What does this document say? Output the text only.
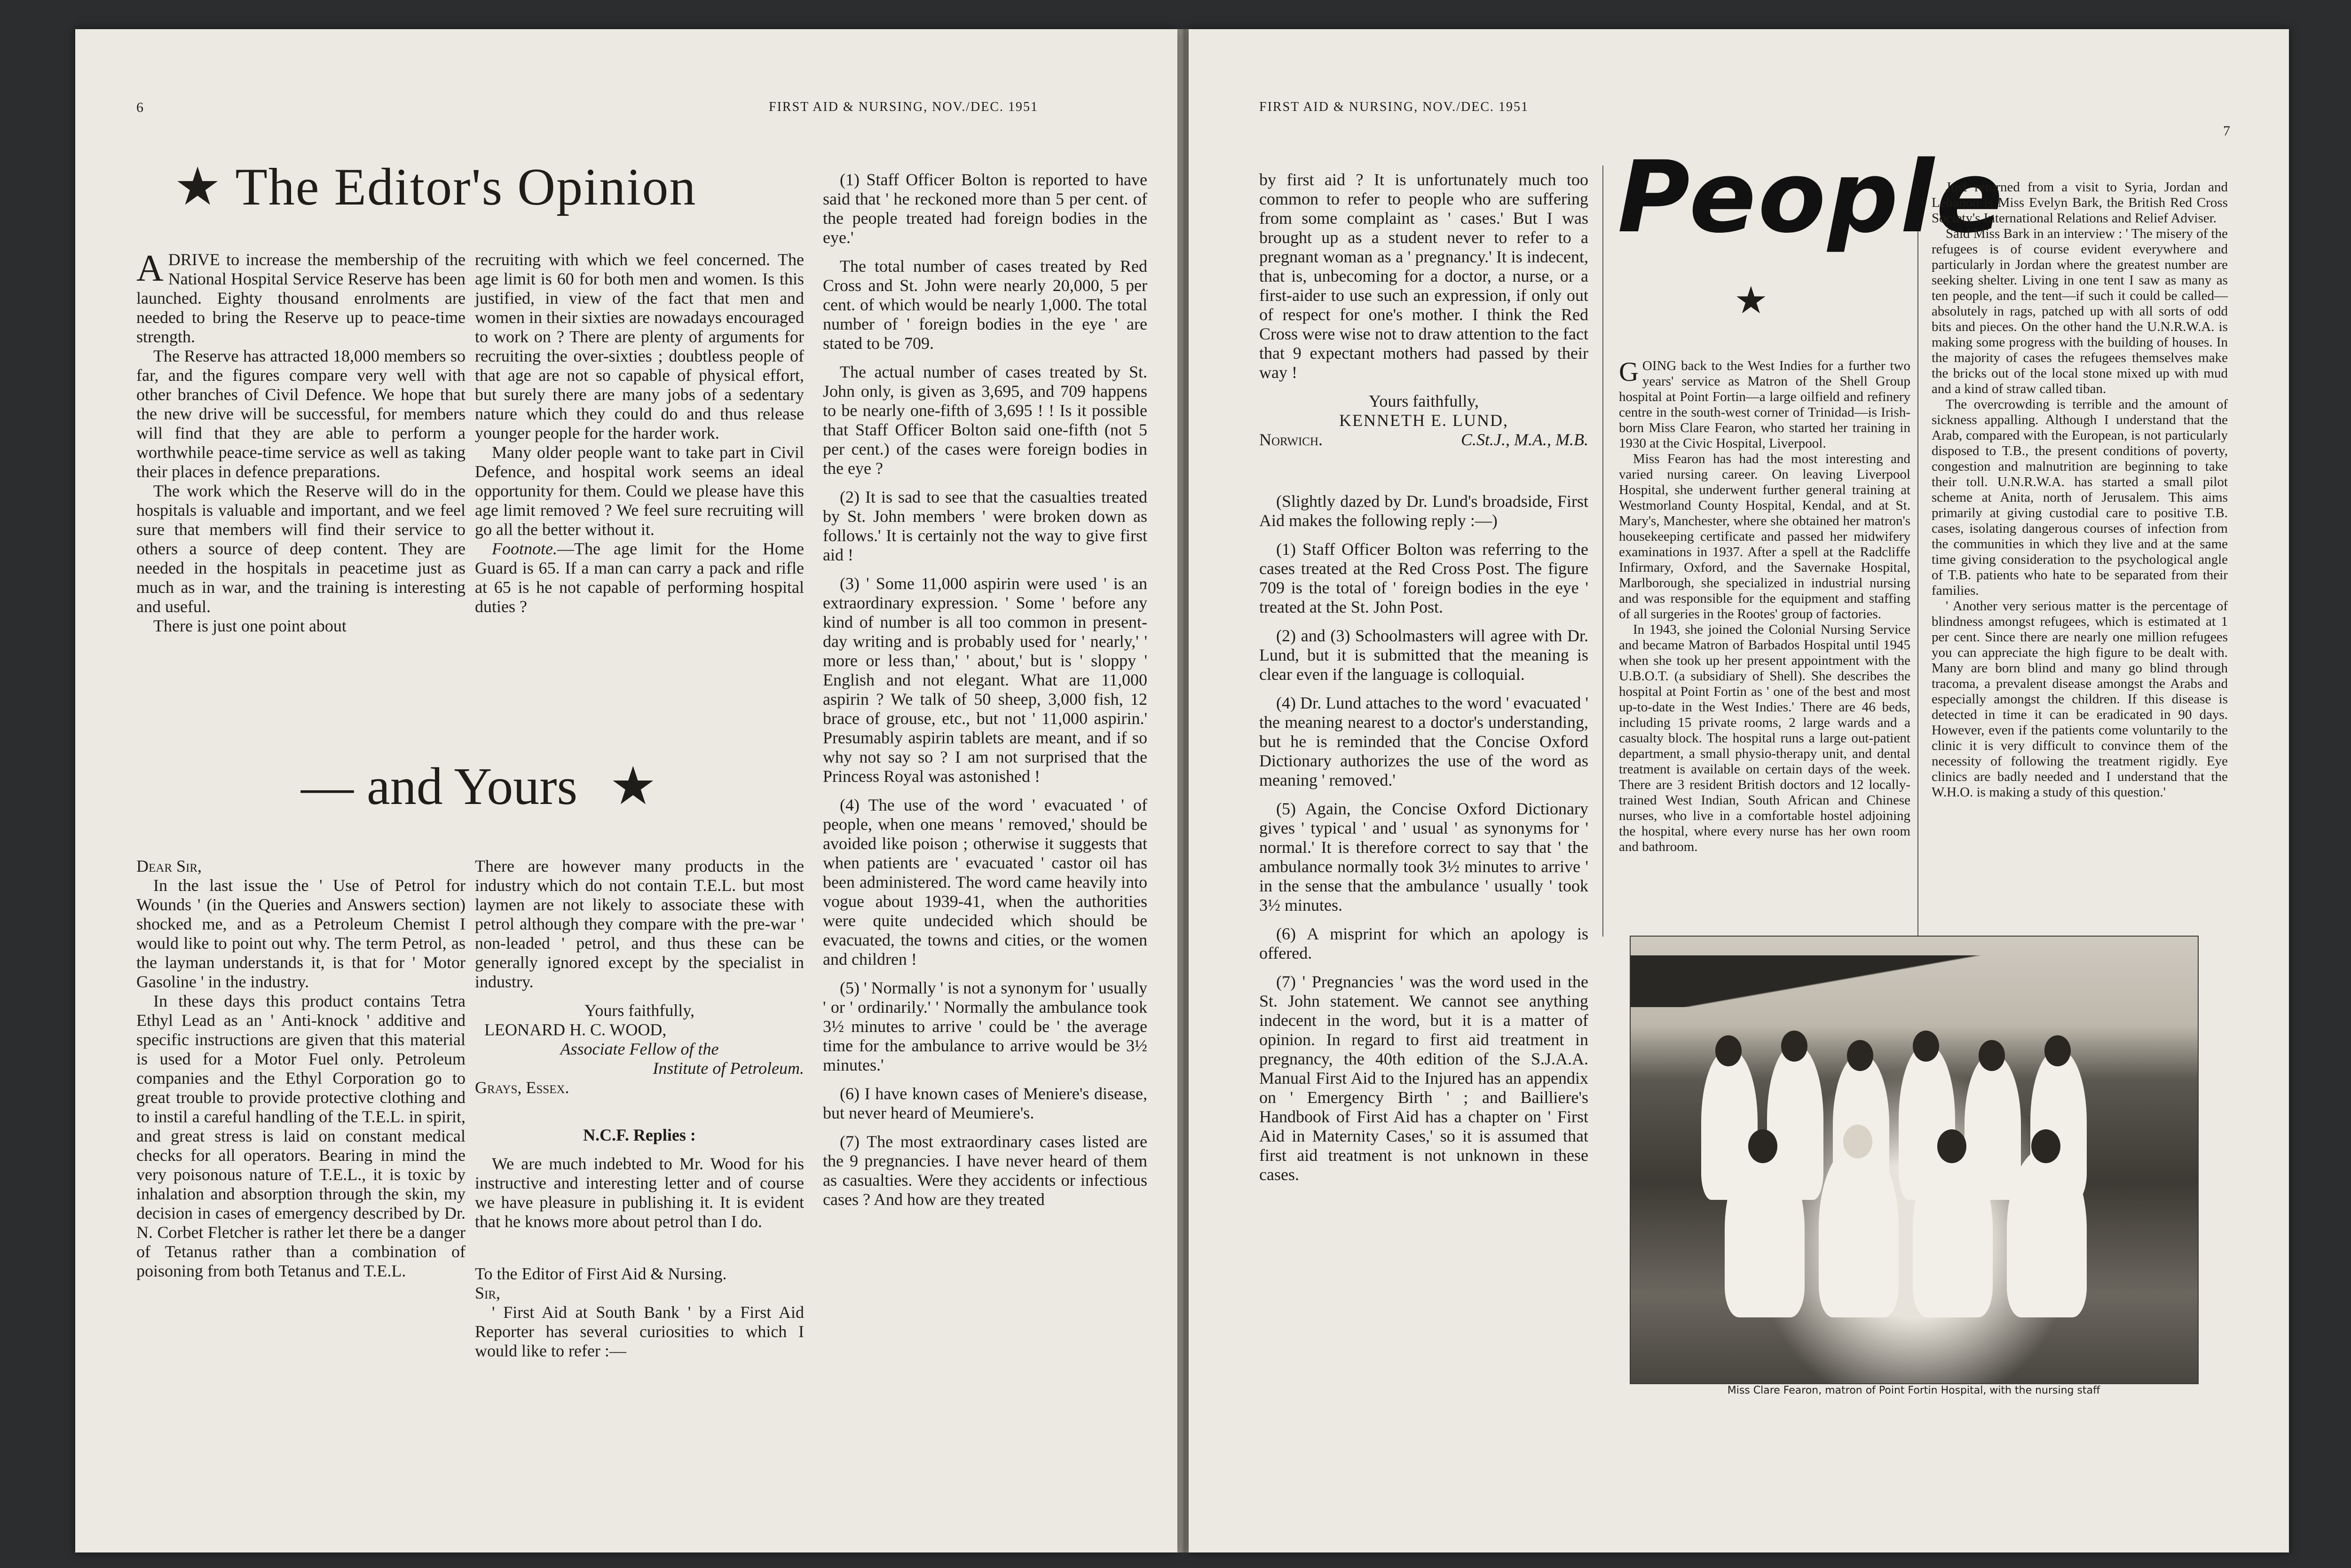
6	FIRST AID & NURSING, NOV./DEC. 1951
★ The Editor's Opinion

ADRIVE to increase the membership of the National Hospital Service Reserve has been launched. Eighty thousand enrolments are needed to bring the Reserve up to peace-time strength.

The Reserve has attracted 18,000 members so far, and the figures compare very well with other branches of Civil Defence. We hope that the new drive will be successful, for members will find that they are able to perform a worthwhile peace-time service as well as taking their places in defence preparations.

The work which the Reserve will do in the hospitals is valuable and important, and we feel sure that members will find their service to others a source of deep content. They are needed in the hospitals in peacetime just as much as in war, and the training is interesting and useful.

There is just one point about

recruiting with which we feel concerned. The age limit is 60 for both men and women. Is this justified, in view of the fact that men and women in their sixties are nowadays encouraged to work on ? There are plenty of arguments for recruiting the over-sixties ; doubtless people of that age are not so capable of physical effort, but surely there are many jobs of a sedentary nature which they could do and thus release younger people for the harder work.

Many older people want to take part in Civil Defence, and hospital work seems an ideal opportunity for them. Could we please have this age limit removed ? We feel sure recruiting will go all the better without it.

Footnote.—The age limit for the Home Guard is 65. If a man can carry a pack and rifle at 65 is he not capable of performing hospital duties ?

— and Yours ★

Dear Sir,

In the last issue the ' Use of Petrol for Wounds ' (in the Queries and Answers section) shocked me, and as a Petroleum Chemist I would like to point out why. The term Petrol, as the layman understands it, is that for ' Motor Gasoline ' in the industry.

In these days this product contains Tetra Ethyl Lead as an ' Anti-knock ' additive and specific instructions are given that this material is used for a Motor Fuel only. Petroleum companies and the Ethyl Corporation go to great trouble to provide protective clothing and to instil a careful handling of the T.E.L. in spirit, and great stress is laid on constant medical checks for all operators. Bearing in mind the very poisonous nature of T.E.L., it is toxic by inhalation and absorption through the skin, my decision in cases of emergency described by Dr. N. Corbet Fletcher is rather let there be a danger of Tetanus rather than a combination of poisoning from both Tetanus and T.E.L.

There are however many products in the industry which do not contain T.E.L. but most laymen are not likely to associate these with petrol although they compare with the pre-war ' non-leaded ' petrol, and thus these can be generally ignored except by the specialist in industry.

Yours faithfully,

LEONARD H. C. WOOD,

Associate Fellow of the

Institute of Petroleum.

Grays, Essex.

N.C.F. Replies :

We are much indebted to Mr. Wood for his instructive and interesting letter and of course we have pleasure in publishing it. It is evident that he knows more about petrol than I do.

To the Editor of First Aid & Nursing.

Sir,

' First Aid at South Bank ' by a First Aid Reporter has several curiosities to which I would like to refer :—

(1) Staff Officer Bolton is reported to have said that ' he reckoned more than 5 per cent. of the people treated had foreign bodies in the eye.'

The total number of cases treated by Red Cross and St. John were nearly 20,000, 5 per cent. of which would be nearly 1,000. The total number of ' foreign bodies in the eye ' are stated to be 709.

The actual number of cases treated by St. John only, is given as 3,695, and 709 happens to be nearly one-fifth of 3,695 ! ! Is it possible that Staff Officer Bolton said one-fifth (not 5 per cent.) of the cases were foreign bodies in the eye ?

(2) It is sad to see that the casualties treated by St. John members ' were broken down as follows.' It is certainly not the way to give first aid !

(3) ' Some 11,000 aspirin were used ' is an extraordinary expression. ' Some ' before any kind of number is all too common in present-day writing and is probably used for ' nearly,' ' more or less than,' ' about,' but is ' sloppy ' English and not elegant. What are 11,000 aspirin ? We talk of 50 sheep, 3,000 fish, 12 brace of grouse, etc., but not ' 11,000 aspirin.' Presumably aspirin tablets are meant, and if so why not say so ? I am not surprised that the Princess Royal was astonished !

(4) The use of the word ' evacuated ' of people, when one means ' removed,' should be avoided like poison ; otherwise it suggests that when patients are ' evacuated ' castor oil has been administered. The word came heavily into vogue about 1939-41, when the authorities were quite undecided which should be evacuated, the towns and cities, or the women and children !

(5) ' Normally ' is not a synonym for ' usually ' or ' ordinarily.' ' Normally the ambulance took 3½ minutes to arrive ' could be ' the average time for the ambulance to arrive would be 3½ minutes.'

(6) I have known cases of Meniere's disease, but never heard of Meumiere's.

(7) The most extraordinary cases listed are the 9 pregnancies. I have never heard of them as casualties. Were they accidents or infectious cases ? And how are they treated

FIRST AID & NURSING, NOV./DEC. 1951
7

by first aid ? It is unfortunately much too common to refer to people who are suffering from some complaint as ' cases.' But I was brought up as a student never to refer to a pregnant woman as a ' pregnancy.' It is indecent, that is, unbecoming for a doctor, a nurse, or a first-aider to use such an expression, if only out of respect for one's mother. I think the Red Cross were wise not to draw attention to the fact that 9 expectant mothers had passed by their way !

Yours faithfully,

KENNETH E. LUND,

Norwich.	C.St.J., M.A., M.B.

(Slightly dazed by Dr. Lund's broadside, First Aid makes the following reply :—)

(1) Staff Officer Bolton was referring to the cases treated at the Red Cross Post. The figure 709 is the total of ' foreign bodies in the eye ' treated at the St. John Post.

(2) and (3) Schoolmasters will agree with Dr. Lund, but it is submitted that the meaning is clear even if the language is colloquial.

(4) Dr. Lund attaches to the word ' evacuated ' the meaning nearest to a doctor's understanding, but he is reminded that the Concise Oxford Dictionary authorizes the use of the word as meaning ' removed.'

(5) Again, the Concise Oxford Dictionary gives ' typical ' and ' usual ' as synonyms for ' normal.' It is therefore correct to say that ' the ambulance normally took 3½ minutes to arrive ' in the sense that the ambulance ' usually ' took 3½ minutes.

(6) A misprint for which an apology is offered.

(7) ' Pregnancies ' was the word used in the St. John statement. We cannot see anything indecent in the word, but it is a matter of opinion. In regard to first aid treatment in pregnancy, the 40th edition of the S.J.A.A. Manual First Aid to the Injured has an appendix on ' Emergency Birth ' ; and Bailliere's Handbook of First Aid has a chapter on ' First Aid in Maternity Cases,' so it is assumed that first aid treatment is not unknown in these cases.

People
★

GOING back to the West Indies for a further two years' service as Matron of the Shell Group hospital at Point Fortin—a large oilfield and refinery centre in the south-west corner of Trinidad—is Irish-born Miss Clare Fearon, who started her training in 1930 at the Civic Hospital, Liverpool.

Miss Fearon has had the most interesting and varied nursing career. On leaving Liverpool Hospital, she underwent further general training at Westmorland County Hospital, Kendal, and at St. Mary's, Manchester, where she obtained her matron's housekeeping certificate and passed her midwifery examinations in 1937. After a spell at the Radcliffe Infirmary, Oxford, and the Savernake Hospital, Marlborough, she specialized in industrial nursing and was responsible for the equipment and staffing of all surgeries in the Rootes' group of factories.

In 1943, she joined the Colonial Nursing Service and became Matron of Barbados Hospital until 1945 when she took up her present appointment with the U.B.O.T. (a subsidiary of Shell). She describes the hospital at Point Fortin as ' one of the best and most up-to-date in the West Indies.' There are 46 beds, including 15 private rooms, 2 large wards and a casualty block. The hospital runs a large out-patient department, a small physio-therapy unit, and dental treatment is available on certain days of the week. There are 3 resident British doctors and 12 locally-trained West Indian, South African and Chinese nurses, who live in a comfortable hostel adjoining the hospital, where every nurse has her own room and bathroom.

Just returned from a visit to Syria, Jordan and Lebanon is Miss Evelyn Bark, the British Red Cross Society's International Relations and Relief Adviser.

Said Miss Bark in an interview : ' The misery of the refugees is of course evident everywhere and particularly in Jordan where the greatest number are seeking shelter. Living in one tent I saw as many as ten people, and the tent—if such it could be called—absolutely in rags, patched up with all sorts of odd bits and pieces. On the other hand the U.N.R.W.A. is making some progress with the building of houses. In the majority of cases the refugees themselves make the bricks out of the local stone mixed up with mud and a kind of straw called tiban.

The overcrowding is terrible and the amount of sickness appalling. Although I understand that the Arab, compared with the European, is not particularly disposed to T.B., the present conditions of poverty, congestion and malnutrition are beginning to take their toll. U.N.R.W.A. has started a small pilot scheme at Anita, north of Jerusalem. This aims primarily at giving custodial care to positive T.B. cases, isolating dangerous courses of infection from the communities in which they live and at the same time giving consideration to the psychological angle of T.B. patients who hate to be separated from their families.

' Another very serious matter is the percentage of blindness amongst refugees, which is estimated at 1 per cent. Since there are nearly one million refugees you can appreciate the high figure to be dealt with. Many are born blind and many go blind through tracoma, a prevalent disease amongst the Arabs and especially amongst the children. If this disease is detected in time it can be eradicated in 90 days. However, even if the patients come voluntarily to the clinic it is very difficult to convince them of the necessity of following the treatment rigidly. Eye clinics are badly needed and I understand that the W.H.O. is making a study of this question.'

Miss Clare Fearon, matron of Point Fortin Hospital, with the nursing staff
